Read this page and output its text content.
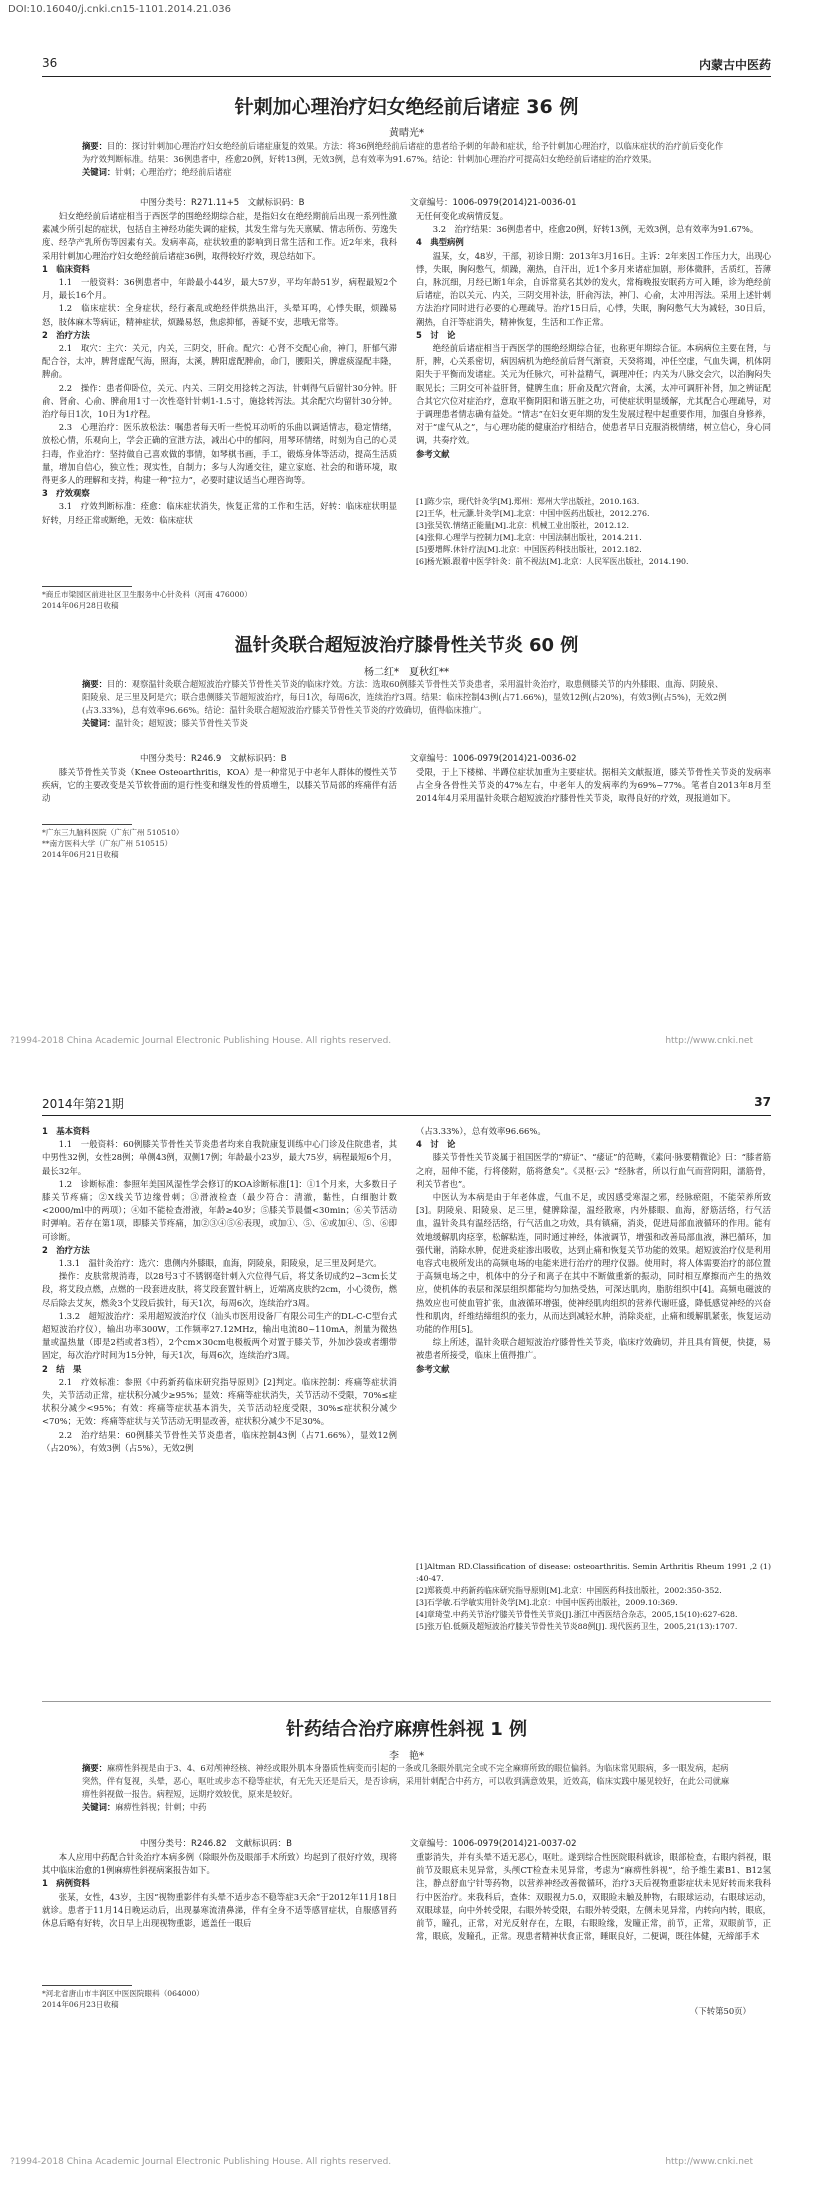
DOI:10.16040/j.cnki.cn15-1101.2014.21.036
36	内蒙古中医药
针刺加心理治疗妇女绝经前后诸症 36 例
黄晴光*
摘要：目的：探讨针刺加心理治疗妇女绝经前后诸症康复的效果。方法：将36例绝经前后诸症的患者给予刺的年龄和症状，给予针刺加心理治疗，以临床症状的治疗前后变化作为疗效判断标准。结果：36例患者中，痊愈20例，好转13例，无效3例，总有效率为91.67%。结论：针刺加心理治疗可提高妇女绝经前后诸症的治疗效果。
关键词：针刺；心理治疗；绝经前后诸症
中图分类号：R271.11+5　文献标识码：B	文章编号：1006-0979(2014)21-0036-01

妇女绝经前后诸症相当于西医学的围绝经期综合症，是指妇女在绝经期前后出现一系列性激素减少所引起的症状，包括自主神经功能失调的症候，其发生常与先天禀赋、情志所伤、劳逸失度、经孕产乳所伤等因素有关。发病率高，症状较重的影响到日常生活和工作。近2年来，我科采用针刺加心理治疗妇女绝经前后诸症36例，取得较好疗效，现总结如下。

1　临床资料

1.1　一般资料：36例患者中，年龄最小44岁，最大57岁，平均年龄51岁，病程最短2个月，最长16个月。

1.2　临床症状：全身症状，经行紊乱或绝经伴烘热出汗，头晕耳鸣，心悸失眠，烦躁易怒，肢体麻木等病证，精神症状，烦躁易怒，焦虑抑郁，善疑不安，悲哦无常等。

2　治疗方法

2.1　取穴：主穴：关元，内关，三阴交，肝俞。配穴：心肾不交配心俞，神门，肝郁气滞配合谷，太冲，脾肾虚配气海，照海，太溪，脾阳虚配脾俞，命门，腰阳关，脾虚痰湿配丰隆，脾俞。

2.2　操作：患者仰卧位，关元、内关、三阴交用捻转之泻法，针刺得气后留针30分钟。肝俞、肾俞、心俞、脾俞用1寸一次性毫针针刺1-1.5寸，施捻转泻法。其余配穴均留针30分钟。治疗每日1次，10日为1疗程。

2.3　心理治疗：医乐放松法：嘱患者每天听一些悦耳动听的乐曲以调适情志，稳定情绪，放松心情，乐观向上，学会正确的宣泄方法，减出心中的郁闷，用琴环情绪，时刻为自己的心灵扫毒，作业治疗：坚持做自己喜欢做的事情，如琴棋书画，手工，锻炼身体等活动，提高生活质量，增加自信心，独立性；现实性，自制力；多与人沟通交往，建立家庭、社会的和谐环境，取得更多人的理解和支持，构建一种“拉力”，必要时建议适当心理咨询等。

3　疗效观察

3.1　疗效判断标准：痊愈：临床症状消失，恢复正常的工作和生活，好转：临床症状明显好转，月经正常或断绝，无效：临床症状

*商丘市梁园区前进社区卫生服务中心针灸科（河南 476000）
2014年06月28日收稿

无任何变化或病情反复。

3.2　治疗结果：36例患者中，痊愈20例，好转13例，无效3例，总有效率为91.67%。

4　典型病例

温某，女，48岁，干部，初诊日期：2013年3月16日。主诉：2年来因工作压力大，出现心悸，失眠，胸闷憋气，烦躁，潮热，自汗出，近1个多月来诸症加剧，形体微胖，舌质红，苔薄白，脉沉细，月经已断1年余，自诉常莫名其妙的发火，常梅晚报安眠药方可入睡，诊为绝经前后诸症，治以关元、内关，三阴交用补法，肝俞泻法，神门、心俞，太冲用泻法。采用上述针刺方法治疗同时进行必要的心理疏导。治疗15日后，心悸，失眠，胸闷憋气大为减轻，30日后，潮热，自汗等症消失，精神恢复，生活和工作正常。

5　讨　论

绝经前后诸症相当于西医学的围绝经期综合征，也称更年期综合征。本病病位主要在肾，与肝，脾，心关系密切，病因病机为绝经前后肾气渐衰，天癸将竭，冲任空虚，气血失调，机体阴阳失于平衡而发诸症。关元为任脉穴，可补益精气，调理冲任；内关为八脉交会穴，以治胸闷失眠见长；三阴交可补益肝肾，健脾生血；肝俞及配穴肾俞，太溪，太冲可调肝补肾，加之辨证配合其它穴位对症治疗，意取平衡阴阳和谐五脏之功，可使症状明显缓解，尤其配合心理疏导，对于调理患者情志确有益处。“情志”在妇女更年期的发生发展过程中起重要作用，加强自身修养，对于“虚气从之”，与心理功能的健康治疗相结合，使患者早日克服消极情绪，树立信心，身心同调，共奏疗效。

参考文献
[1]陈少宗，现代针灸学[M].郑州：郑州大学出版社，2010.163.
[2]王华，杜元灏.针灸学[M].北京：中国中医药出版社，2012.276.
[3]张吴钦.情绪正能量[M].北京：机械工业出版社，2012.12.
[4]张仰.心理学与控制力[M].北京：中国法制出版社，2014.211.
[5]要增辉.休针疗法[M].北京：中国医药科技出版社，2012.182.
[6]杨光颖.跟着中医学针灸：前不视法[M].北京：人民军医出版社，2014.190.
温针灸联合超短波治疗膝骨性关节炎 60 例
杨二红*　夏秋红**
摘要：目的：观察温针灸联合超短波治疗膝关节骨性关节炎的临床疗效。方法：选取60例膝关节骨性关节炎患者，采用温针灸治疗，取患侧膝关节的内外膝眼、血海、阴陵泉、阳陵泉、足三里及阿是穴；联合患侧膝关节超短波治疗，每日1次，每周6次，连续治疗3周。结果：临床控制43例(占71.66%)，显效12例(占20%)，有效3例(占5%)，无效2例(占3.33%)，总有效率96.66%。结论：温针灸联合超短波治疗膝关节骨性关节炎的疗效确切，值得临床推广。
关键词：温针灸；超短波；膝关节骨性关节炎
中图分类号：R246.9　文献标识码：B	文章编号：1006-0979(2014)21-0036-02

膝关节骨性关节炎（Knee Osteoarthritis，KOA）是一种常见于中老年人群体的慢性关节疾病，它的主要改变是关节软骨面的退行性变和继发性的骨质增生，以膝关节局部的疼痛伴有活动

*广东三九脑科医院（广东广州 510510）
**南方医科大学（广东广州 510515）
2014年06月21日收稿

受限，于上下楼梯、半蹲位症状加重为主要症状。据相关文献报道，膝关节骨性关节炎的发病率占全身各骨性关节炎的47%左右，中老年人的发病率约为69%~77%。笔者自2013年8月至2014年4月采用温针灸联合超短波治疗膝骨性关节炎，取得良好的疗效，现报道如下。

?1994-2018 China Academic Journal Electronic Publishing House. All rights reserved.	http://www.cnki.net
2014年第21期	37
1　基本资料

1.1　一般资料：60例膝关节骨性关节炎患者均来自我院康复训练中心门诊及住院患者，其中男性32例，女性28例；单侧43例，双侧17例；年龄最小23岁，最大75岁，病程最短6个月，最长32年。

1.2　诊断标准：参照年美国风湿性学会修订的KOA诊断标准[1]：①1个月来，大多数日子膝关节疼痛；②X线关节边缘骨刺；③滑液检查（最少符合：清澈，黏性，白细胞计数<2000/ml中的两项）；④如不能检查滑液，年龄≥40岁；⑤膝关节晨僵<30min；⑥关节活动时弹响。若存在第1项，即膝关节疼痛，加②③④⑤⑥表现，或加①、⑤、⑥或加④、⑤、⑥即可诊断。

2　治疗方法

1.3.1　温针灸治疗：选穴：患侧内外膝眼，血海，阴陵泉，阳陵泉，足三里及阿是穴。

操作：皮肤常规消毒，以28号3寸不锈钢毫针刺入穴位得气后，将艾条切成约2~3cm长艾段，将艾段点燃，点燃的一段套进皮肤，将艾段套置针柄上，近端离皮肤约2cm，小心烫伤，燃尽后除去艾灰，燃灸3个艾段后拔针，每天1次，每周6次，连续治疗3周。

1.3.2　超短波治疗：采用超短波治疗仪（汕头市医用设备厂有限公司生产的DL-C-C型台式超短波治疗仪），输出功率300W，工作频率27.12MHz，输出电流80~110mA，剂量为微热量或温热量（即是2档或者3档），2个cm×30cm电极板两个对置于膝关节，外加沙袋或者绷带固定，每次治疗时间为15分钟，每天1次，每周6次，连续治疗3周。

2　结　果

2.1　疗效标准：参照《中药新药临床研究指导原则》[2]判定。临床控制：疼痛等症状消失，关节活动正常，症状积分减少≥95%；显效：疼痛等症状消失，关节活动不受限，70%≤症状积分减少<95%；有效：疼痛等症状基本消失，关节活动轻度受限，30%≤症状积分减少<70%；无效：疼痛等症状与关节活动无明显改善，症状积分减少不足30%。

2.2　治疗结果：60例膝关节骨性关节炎患者，临床控制43例（占71.66%），显效12例（占20%），有效3例（占5%），无效2例

（占3.33%），总有效率96.66%。

4　讨　论

膝关节骨性关节炎属于祖国医学的“痹证”、“痿证”的范畴，《素问·脉要精微论》曰：“膝者筋之府，屈伸不能，行将偻附，筋将惫矣”。《灵枢·云》“经脉者，所以行血气而营阴阳，濡筋骨，利关节者也”。

中医认为本病是由于年老体虚，气血不足，或因感受寒湿之邪，经脉瘀阻，不能荣养所致[3]。阴陵泉、阳陵泉、足三里，健脾除湿，温经散寒，内外膝眼、血海，舒筋活络，行气活血，温针灸具有温经活络，行气活血之功效，具有镇痛，消炎，促进局部血液循环的作用。能有效地缓解肌肉痉挛，松解粘连，同时通过神经，体液调节，增强和改善局部血液，淋巴循环，加强代谢，消除水肿，促进炎症渗出吸收，达到止痛和恢复关节功能的效果。超短波治疗仪是利用电容式电极所发出的高频电场的电能来进行治疗的理疗仪器。使用时，将人体需要治疗的部位置于高频电场之中，机体中的分子和离子在其中不断做重新的振动，同时相互摩擦而产生的热效应，使机体的表层和深层组织都能均匀加热受热，可深达肌肉，脂肪组织中[4]。高频电磁波的热效应也可使血管扩张，血液循环增强，使神经肌肉组织的营养代谢旺盛，降低感觉神经的兴奋性和肌肉，纤维结缔组织的张力，从而达到减轻水肿，消除炎症，止痛和缓解肌紧张，恢复运动功能的作用[5]。

综上所述，温针灸联合超短波治疗膝骨性关节炎，临床疗效确切，并且具有简便，快捷，易被患者所接受，临床上值得推广。

参考文献
[1]Altman RD.Classification of disease: osteoarthritis. Semin Arthritis Rheum 1991 ,2 (1) :40-47.
[2]郑筱萸.中药新药临床研究指导原则[M].北京：中国医药科技出版社，2002:350-352.
[3]石学敏.石学敏实用针灸学[M].北京：中国中医药出版社，2009.10:369.
[4]章琦莹.中药关节治疗膝关节骨性关节炎[J].浙江中西医结合杂志，2005,15(10):627-628.
[5]张万伯.低频及超短波治疗膝关节骨性关节炎88例[J]. 现代医药卫生，2005,21(13):1707.
针药结合治疗麻痹性斜视 1 例
李　艳*
摘要：麻痹性斜视是由于3、4、6对颅神经核、神经或眼外肌本身器质性病变而引起的一条或几条眼外肌完全或不完全麻痹所致的眼位偏斜。为临床常见眼病，多一眼发病，起病突然，伴有复视，头晕，恶心，呕吐或步态不稳等症状，有无先天还是后天，是否诊病，采用针刺配合中药方，可以收到满意效果，近效高，临床实践中屡见较好，在此公司就麻痹性斜视做一报告。病程短，远期疗效较优，原来是较好。
关键词：麻痹性斜视；针刺；中药
中图分类号：R246.82　文献标识码：B	文章编号：1006-0979(2014)21-0037-02

本人应用中药配合针灸治疗本病多例（除眼外伤及眼部手术所致）均起到了很好疗效，现将其中临床治愈的1例麻痹性斜视病案报告如下。

1　病例资料

张某，女性，43岁，主因“视物重影伴有头晕不适步态不稳等症3天余”于2012年11月18日就诊。患者于11月14日晚运动后，出现暴寒流清鼻涕，伴有全身不适等感冒症状，自服感冒药休息后略有好转，次日早上出现视物重影，遮盖任一眼后

*河北省唐山市丰润区中医医院眼科（064000）
2014年06月23日收稿

重影消失，并有头晕不适无恶心，呕吐。遂到综合性医院眼科就诊，眼部检查，右眼内斜视，眼前节及眼底未见异常，头颅CT检查未见异常，考虑为“麻痹性斜视”，给予维生素B1、B12氢注，静点舒血宁针等药物，以营养神经改善微循环，治疗3天后视物重影症状未见好转而来我科行中医治疗。来我科后，查体：双眼视力5.0，双眼睑未触及肿物，右眼球运动，右眼球运动，双眼球显，向中外转受限，右眼外转受限，右眼外转受限，左侧未见异常，内转向内转，眼底，前节，瞳孔，正常，对光反射存在，左眼，右眼睑缘，发瞳正常，前节，正常，双眼前节，正常，眼底，发瞳孔，正常。现患者精神状食正常，睡眠良好，二便调，既往体健，无缔部手术

（下转第50页）
?1994-2018 China Academic Journal Electronic Publishing House. All rights reserved.	http://www.cnki.net
